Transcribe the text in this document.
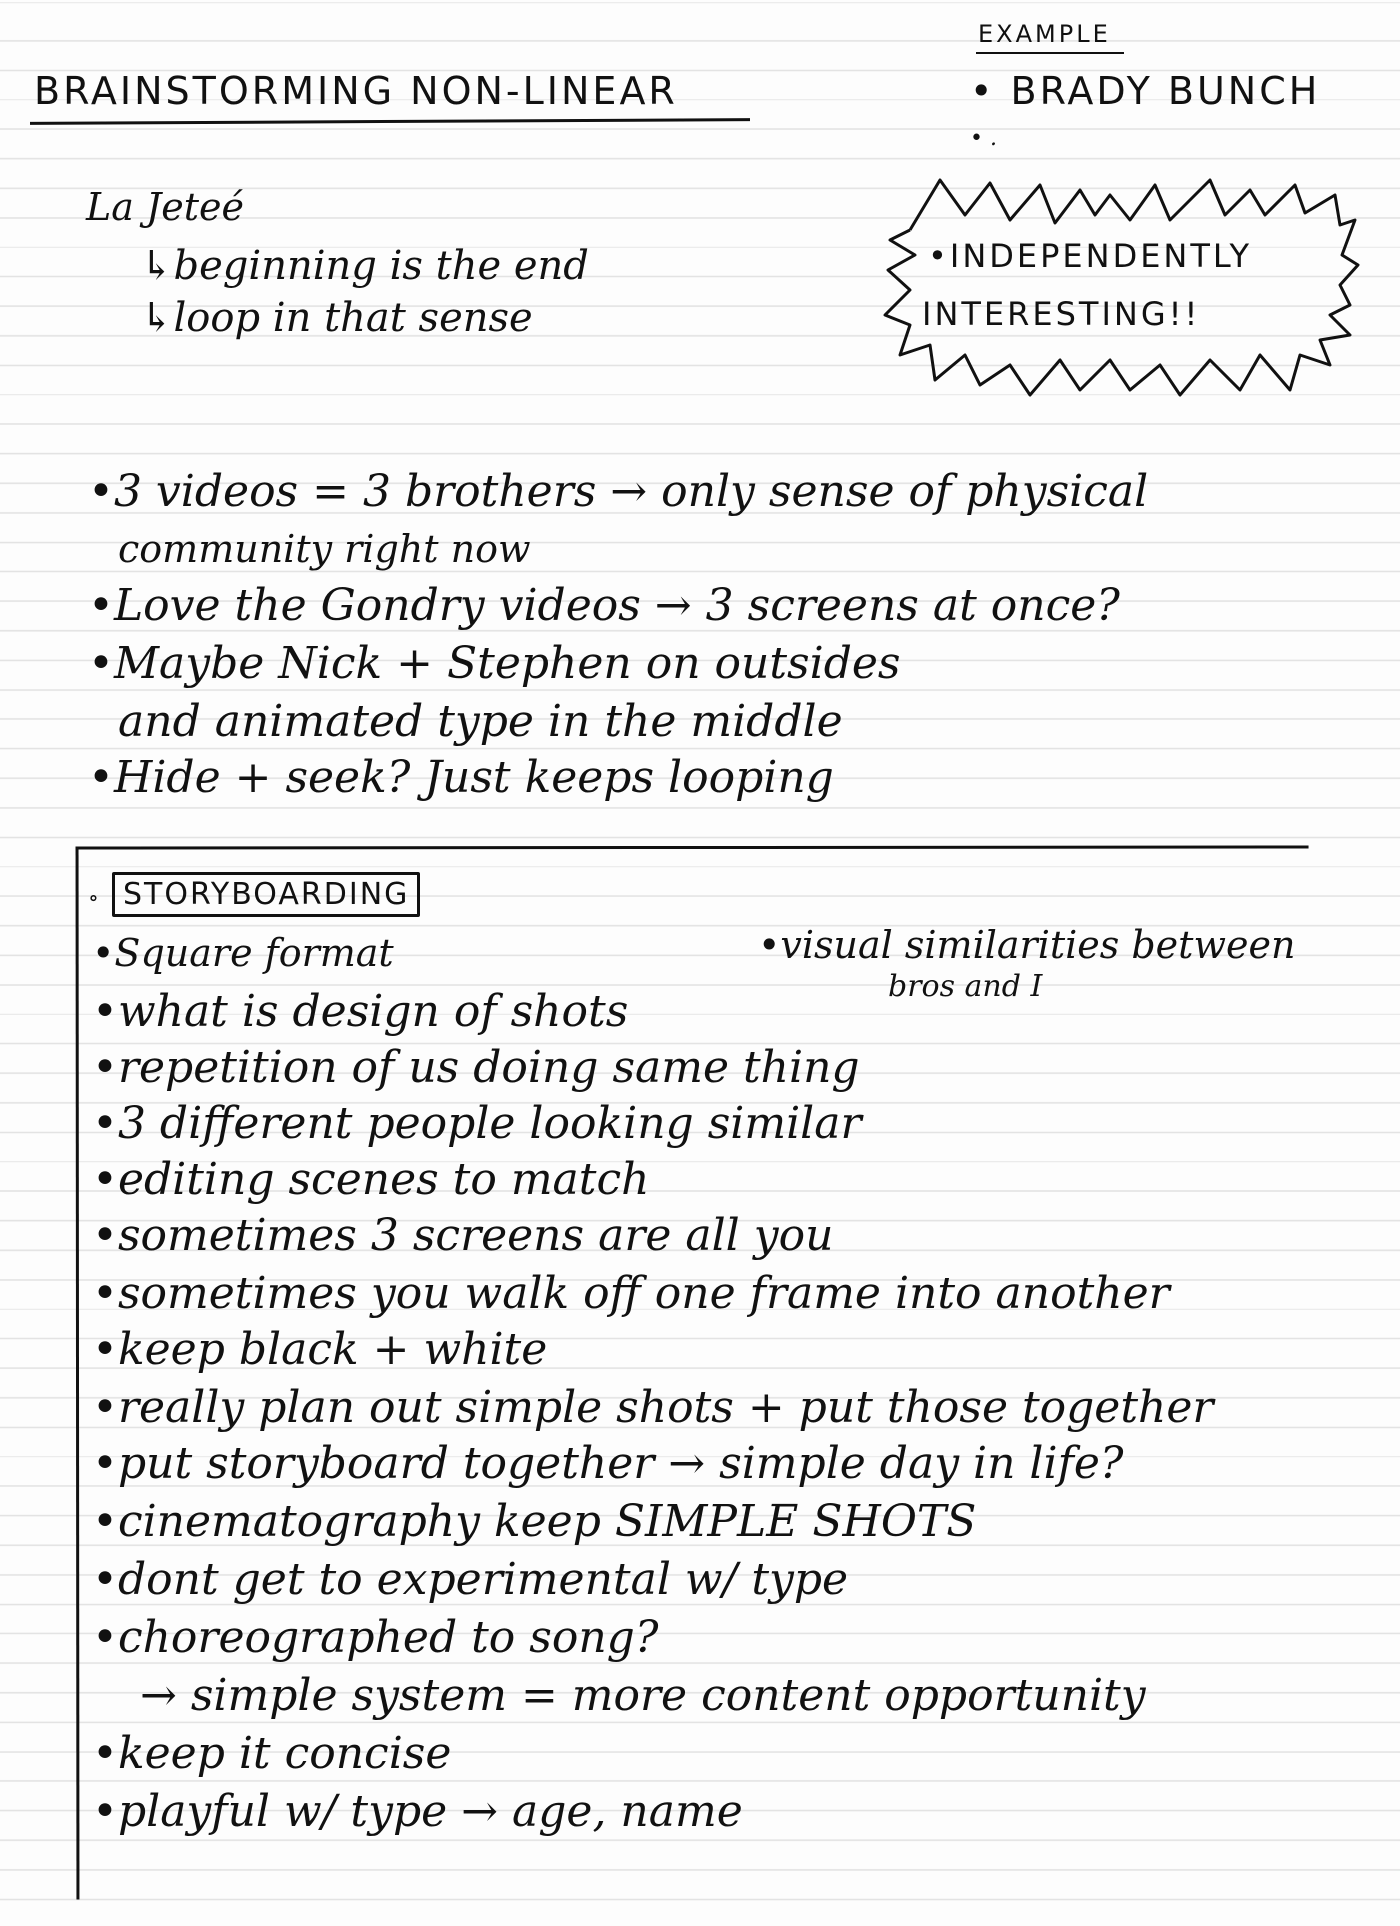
BRAINSTORMING NON-LINEAR
EXAMPLE
• BRADY BUNCH
• .
•INDEPENDENTLY
INTERESTING!!
La Jeteé
↳beginning is the end
↳loop in that sense
•3 videos = 3 brothers → only sense of physical
community right now
•Love the Gondry videos → 3 screens at once?
•Maybe Nick + Stephen on outsides
and animated type in the middle
•Hide + seek? Just keeps looping
∘ STORYBOARDING
•visual similarities between
bros and I
•Square format
•what is design of shots
•repetition of us doing same thing
•3 different people looking similar
•editing scenes to match
•sometimes 3 screens are all you
•sometimes you walk off one frame into another
•keep black + white
•really plan out simple shots + put those together
•put storyboard together → simple day in life?
•cinematography keep SIMPLE SHOTS
•dont get to experimental w/ type
•choreographed to song?
→ simple system = more content opportunity
•keep it concise
•playful w/ type → age, name
